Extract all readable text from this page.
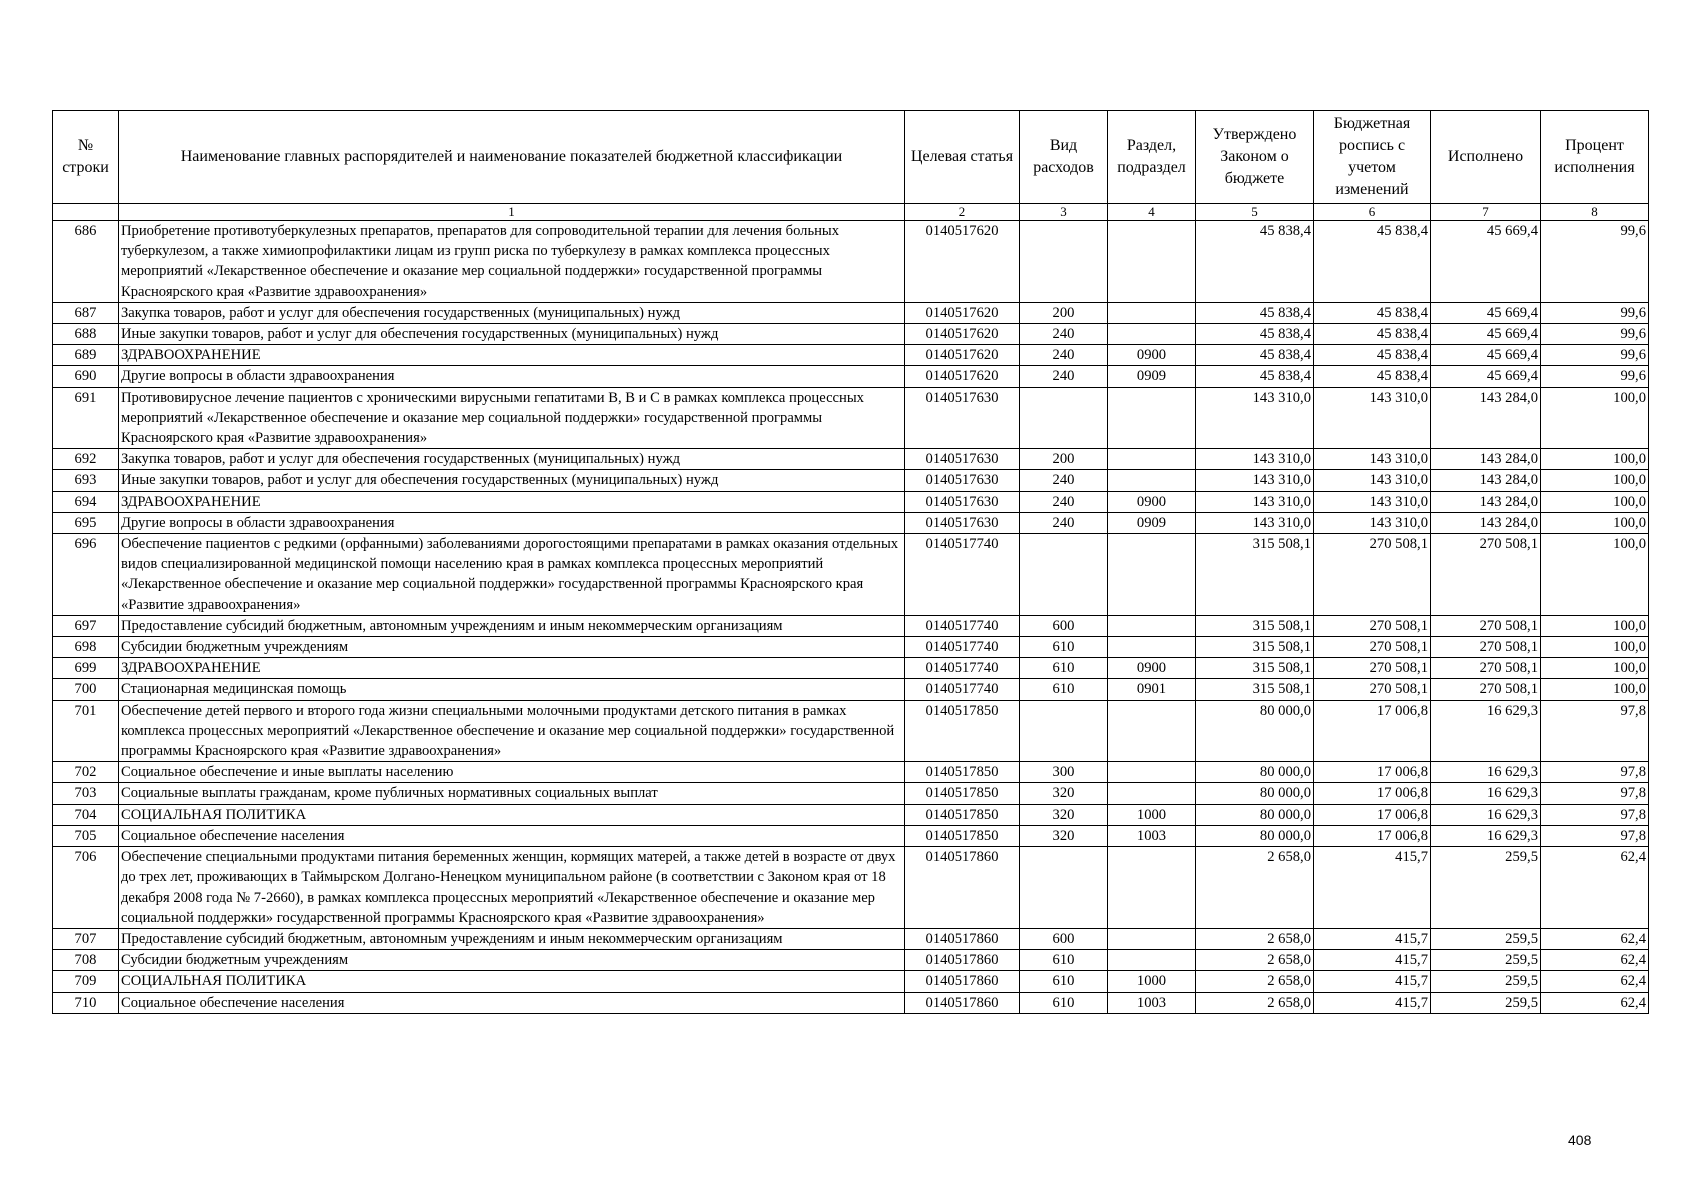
№ строки	Наименование главных распорядителей и наименование показателей бюджетной классификации	Целевая статья	Вид расходов	Раздел, подраздел	Утверждено Законом о бюджете	Бюджетная роспись с учетом изменений	Исполнено	Процент исполнения
	1	2	3	4	5	6	7	8
686	Приобретение противотуберкулезных препаратов, препаратов для сопроводительной терапии для лечения больных туберкулезом, а также химиопрофилактики лицам из групп риска по туберкулезу в рамках комплекса процессных мероприятий «Лекарственное обеспечение и оказание мер социальной поддержки» государственной программы Красноярского края «Развитие здравоохранения»	0140517620			45 838,4	45 838,4	45 669,4	99,6
687	Закупка товаров, работ и услуг для обеспечения государственных (муниципальных) нужд	0140517620	200		45 838,4	45 838,4	45 669,4	99,6
688	Иные закупки товаров, работ и услуг для обеспечения государственных (муниципальных) нужд	0140517620	240		45 838,4	45 838,4	45 669,4	99,6
689	ЗДРАВООХРАНЕНИЕ	0140517620	240	0900	45 838,4	45 838,4	45 669,4	99,6
690	Другие вопросы в области здравоохранения	0140517620	240	0909	45 838,4	45 838,4	45 669,4	99,6
691	Противовирусное лечение пациентов с хроническими вирусными гепатитами B, В и С в рамках комплекса процессных мероприятий «Лекарственное обеспечение и оказание мер социальной поддержки» государственной программы Красноярского края «Развитие здравоохранения»	0140517630			143 310,0	143 310,0	143 284,0	100,0
692	Закупка товаров, работ и услуг для обеспечения государственных (муниципальных) нужд	0140517630	200		143 310,0	143 310,0	143 284,0	100,0
693	Иные закупки товаров, работ и услуг для обеспечения государственных (муниципальных) нужд	0140517630	240		143 310,0	143 310,0	143 284,0	100,0
694	ЗДРАВООХРАНЕНИЕ	0140517630	240	0900	143 310,0	143 310,0	143 284,0	100,0
695	Другие вопросы в области здравоохранения	0140517630	240	0909	143 310,0	143 310,0	143 284,0	100,0
696	Обеспечение пациентов с редкими (орфанными) заболеваниями дорогостоящими препаратами в рамках оказания отдельных видов специализированной медицинской помощи населению края в рамках комплекса процессных мероприятий «Лекарственное обеспечение и оказание мер социальной поддержки» государственной программы Красноярского края «Развитие здравоохранения»	0140517740			315 508,1	270 508,1	270 508,1	100,0
697	Предоставление субсидий бюджетным, автономным учреждениям и иным некоммерческим организациям	0140517740	600		315 508,1	270 508,1	270 508,1	100,0
698	Субсидии бюджетным учреждениям	0140517740	610		315 508,1	270 508,1	270 508,1	100,0
699	ЗДРАВООХРАНЕНИЕ	0140517740	610	0900	315 508,1	270 508,1	270 508,1	100,0
700	Стационарная медицинская помощь	0140517740	610	0901	315 508,1	270 508,1	270 508,1	100,0
701	Обеспечение детей первого и второго года жизни специальными молочными продуктами детского питания в рамках комплекса процессных мероприятий «Лекарственное обеспечение и оказание мер социальной поддержки» государственной программы Красноярского края «Развитие здравоохранения»	0140517850			80 000,0	17 006,8	16 629,3	97,8
702	Социальное обеспечение и иные выплаты населению	0140517850	300		80 000,0	17 006,8	16 629,3	97,8
703	Социальные выплаты гражданам, кроме публичных нормативных социальных выплат	0140517850	320		80 000,0	17 006,8	16 629,3	97,8
704	СОЦИАЛЬНАЯ ПОЛИТИКА	0140517850	320	1000	80 000,0	17 006,8	16 629,3	97,8
705	Социальное обеспечение населения	0140517850	320	1003	80 000,0	17 006,8	16 629,3	97,8
706	Обеспечение специальными продуктами питания беременных женщин, кормящих матерей, а также детей в возрасте от двух до трех лет, проживающих в Таймырском Долгано-Ненецком муниципальном районе (в соответствии с Законом края от 18 декабря 2008 года № 7-2660), в рамках комплекса процессных мероприятий «Лекарственное обеспечение и оказание мер социальной поддержки» государственной программы Красноярского края «Развитие здравоохранения»	0140517860			2 658,0	415,7	259,5	62,4
707	Предоставление субсидий бюджетным, автономным учреждениям и иным некоммерческим организациям	0140517860	600		2 658,0	415,7	259,5	62,4
708	Субсидии бюджетным учреждениям	0140517860	610		2 658,0	415,7	259,5	62,4
709	СОЦИАЛЬНАЯ ПОЛИТИКА	0140517860	610	1000	2 658,0	415,7	259,5	62,4
710	Социальное обеспечение населения	0140517860	610	1003	2 658,0	415,7	259,5	62,4
408
